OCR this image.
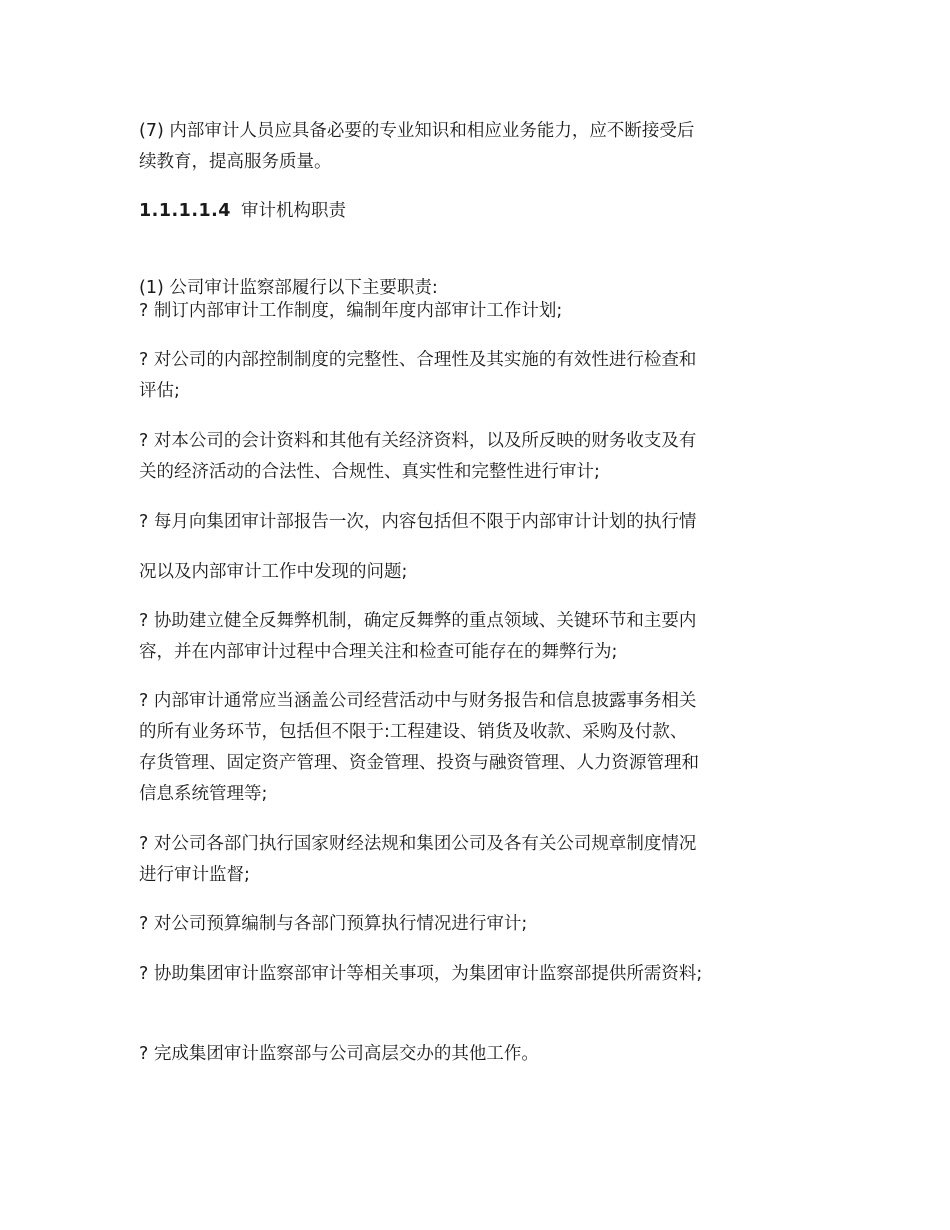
(7) 内部审计人员应具备必要的专业知识和相应业务能力，应不断接受后
续教育，提高服务质量。
1.1.1.1.4 审计机构职责
(1) 公司审计监察部履行以下主要职责:
? 制订内部审计工作制度，编制年度内部审计工作计划;
? 对公司的内部控制制度的完整性、合理性及其实施的有效性进行检查和
评估;
? 对本公司的会计资料和其他有关经济资料，以及所反映的财务收支及有
关的经济活动的合法性、合规性、真实性和完整性进行审计;
? 每月向集团审计部报告一次，内容包括但不限于内部审计计划的执行情
况以及内部审计工作中发现的问题;
? 协助建立健全反舞弊机制，确定反舞弊的重点领域、关键环节和主要内
容，并在内部审计过程中合理关注和检查可能存在的舞弊行为;
? 内部审计通常应当涵盖公司经营活动中与财务报告和信息披露事务相关
的所有业务环节，包括但不限于:工程建设、销货及收款、采购及付款、
存货管理、固定资产管理、资金管理、投资与融资管理、人力资源管理和
信息系统管理等;
? 对公司各部门执行国家财经法规和集团公司及各有关公司规章制度情况
进行审计监督;
? 对公司预算编制与各部门预算执行情况进行审计;
? 协助集团审计监察部审计等相关事项，为集团审计监察部提供所需资料;
? 完成集团审计监察部与公司高层交办的其他工作。
